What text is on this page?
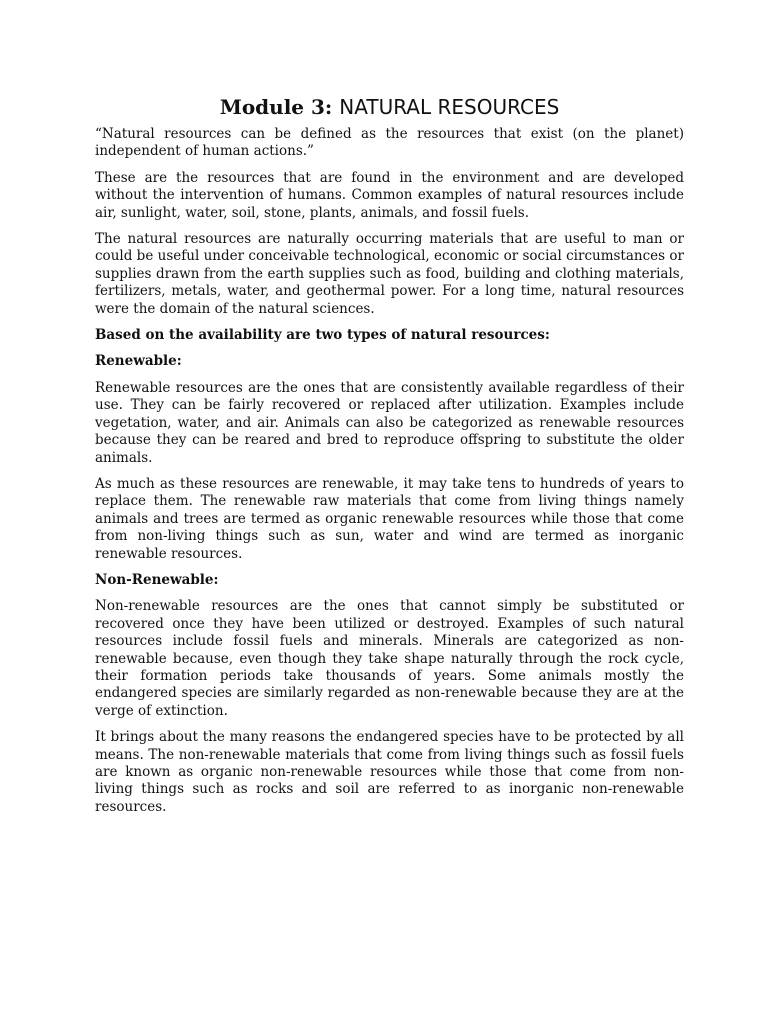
Module 3: NATURAL RESOURCES

“Natural resources can be defined as the resources that exist (on the planet) independent of human actions.”

These are the resources that are found in the environment and are developed without the intervention of humans. Common examples of natural resources include air, sunlight, water, soil, stone, plants, animals, and fossil fuels.

The natural resources are naturally occurring materials that are useful to man or could be useful under conceivable technological, economic or social circumstances or supplies drawn from the earth supplies such as food, building and clothing materials, fertilizers, metals, water, and geothermal power. For a long time, natural resources were the domain of the natural sciences.

Based on the availability are two types of natural resources:

Renewable:

Renewable resources are the ones that are consistently available regardless of their use. They can be fairly recovered or replaced after utilization. Examples include vegetation, water, and air. Animals can also be categorized as renewable resources because they can be reared and bred to reproduce offspring to substitute the older animals.

As much as these resources are renewable, it may take tens to hundreds of years to replace them. The renewable raw materials that come from living things namely animals and trees are termed as organic renewable resources while those that come from non-living things such as sun, water and wind are termed as inorganic renewable resources.

Non-Renewable:

Non-renewable resources are the ones that cannot simply be substituted or recovered once they have been utilized or destroyed. Examples of such natural resources include fossil fuels and minerals. Minerals are categorized as non-renewable because, even though they take shape naturally through the rock cycle, their formation periods take thousands of years. Some animals mostly the endangered species are similarly regarded as non-renewable because they are at the verge of extinction.

It brings about the many reasons the endangered species have to be protected by all means. The non-renewable materials that come from living things such as fossil fuels are known as organic non-renewable resources while those that come from non-living things such as rocks and soil are referred to as inorganic non-renewable resources.
